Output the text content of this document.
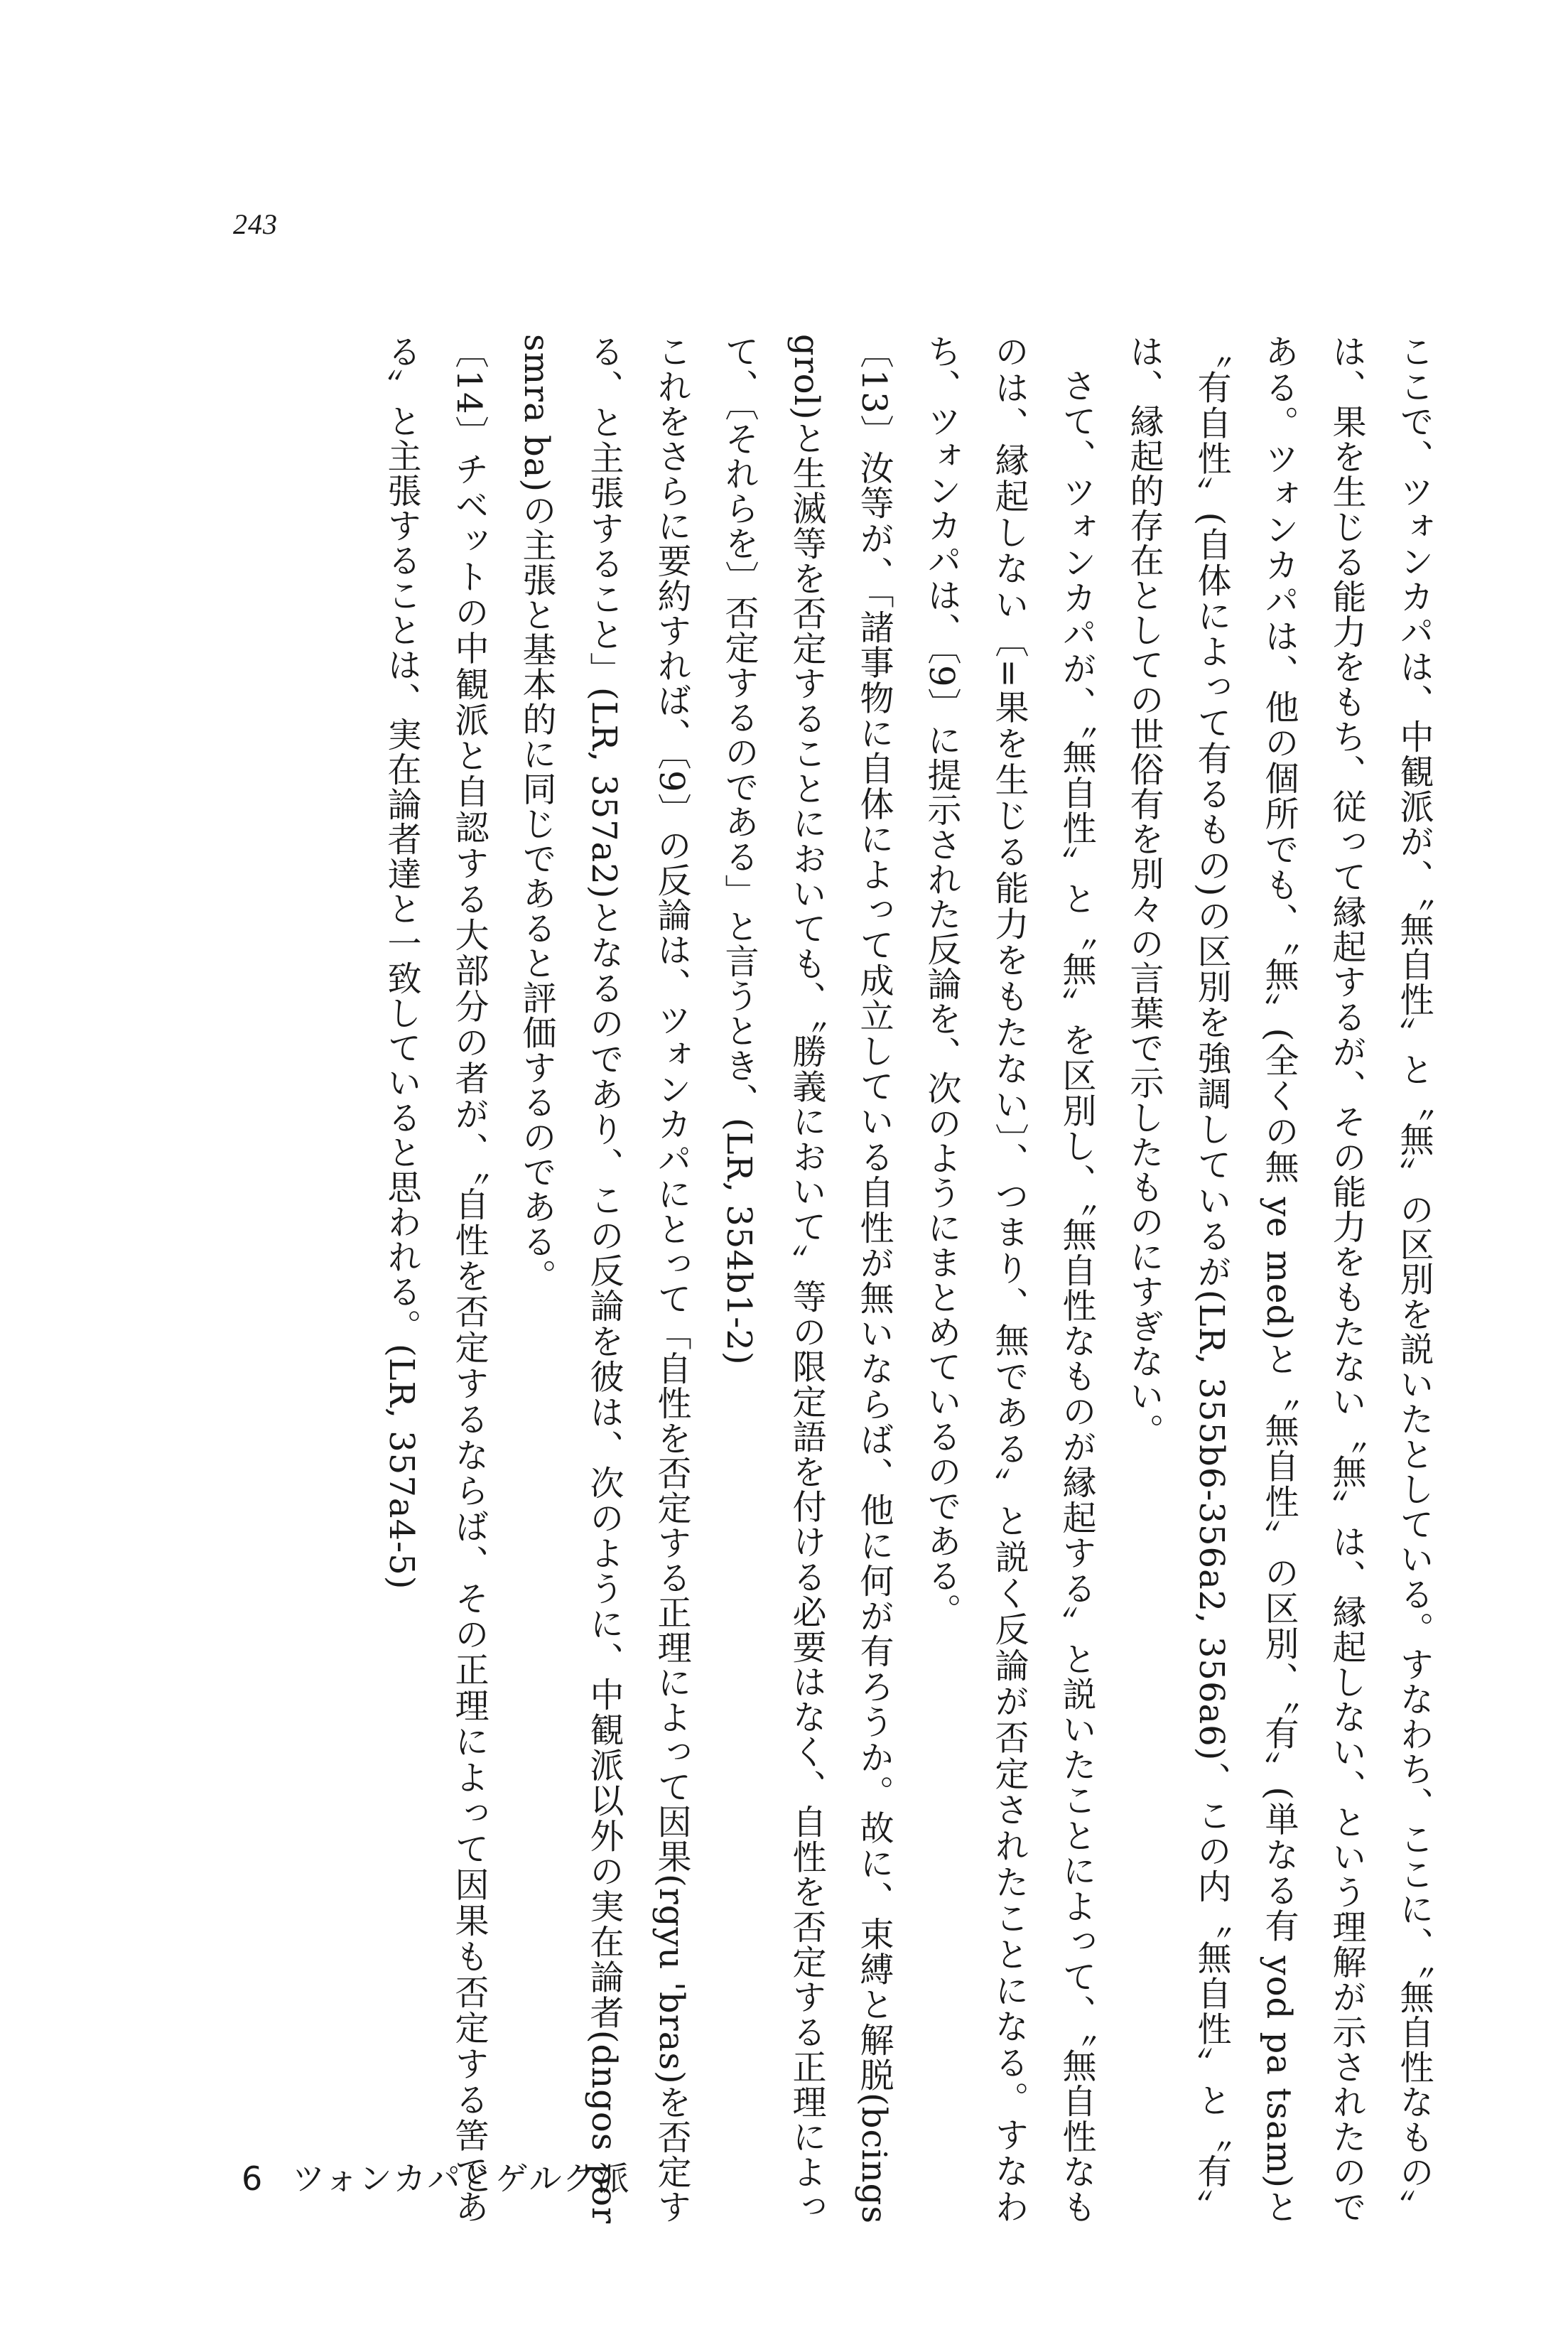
243

ここで、ツォンカパは、中観派が、〝無自性〟と〝無〟の区別を説いたとしている。すなわち、ここに、〝無自性なもの〟は、果を生じる能力をもち、従って縁起するが、その能力をもたない〝無〟は、縁起しない、という理解が示されたのである。ツォンカパは、他の個所でも、〝無〟(全くの無 ye med)と〝無自性〟の区別、〝有〟(単なる有 yod pa tsam)と〝有自性〟(自体によって有るもの)の区別を強調しているが(LR, 355b6-356a2, 356a6)、この内〝無自性〟と〝有〟は、縁起的存在としての世俗有を別々の言葉で示したものにすぎない。

さて、ツォンカパが、〝無自性〟と〝無〟を区別し、〝無自性なものが縁起する〟と説いたことによって、〝無自性なものは、縁起しない〔=果を生じる能力をもたない〕、つまり、無である〟と説く反論が否定されたことになる。すなわち、ツォンカパは、〔9〕に提示された反論を、次のようにまとめているのである。

〔13〕汝等が、「諸事物に自体によって成立している自性が無いならば、他に何が有ろうか。故に、束縛と解脱(bcings grol)と生滅等を否定することにおいても、〝勝義において〟等の限定語を付ける必要はなく、自性を否定する正理によって、〔それらを〕否定するのである」と言うとき、(LR, 354b1-2)

これをさらに要約すれば、〔9〕の反論は、ツォンカパにとって「自性を否定する正理によって因果(rgyu 'bras)を否定する、と主張すること」(LR, 357a2)となるのであり、この反論を彼は、次のように、中観派以外の実在論者(dngos por smra ba)の主張と基本的に同じであると評価するのである。

〔14〕チベットの中観派と自認する大部分の者が、〝自性を否定するならば、その正理によって因果も否定する筈である〟と主張することは、実在論者達と一致していると思われる。(LR, 357a4-5)

6 ツォンカパとゲルク派
